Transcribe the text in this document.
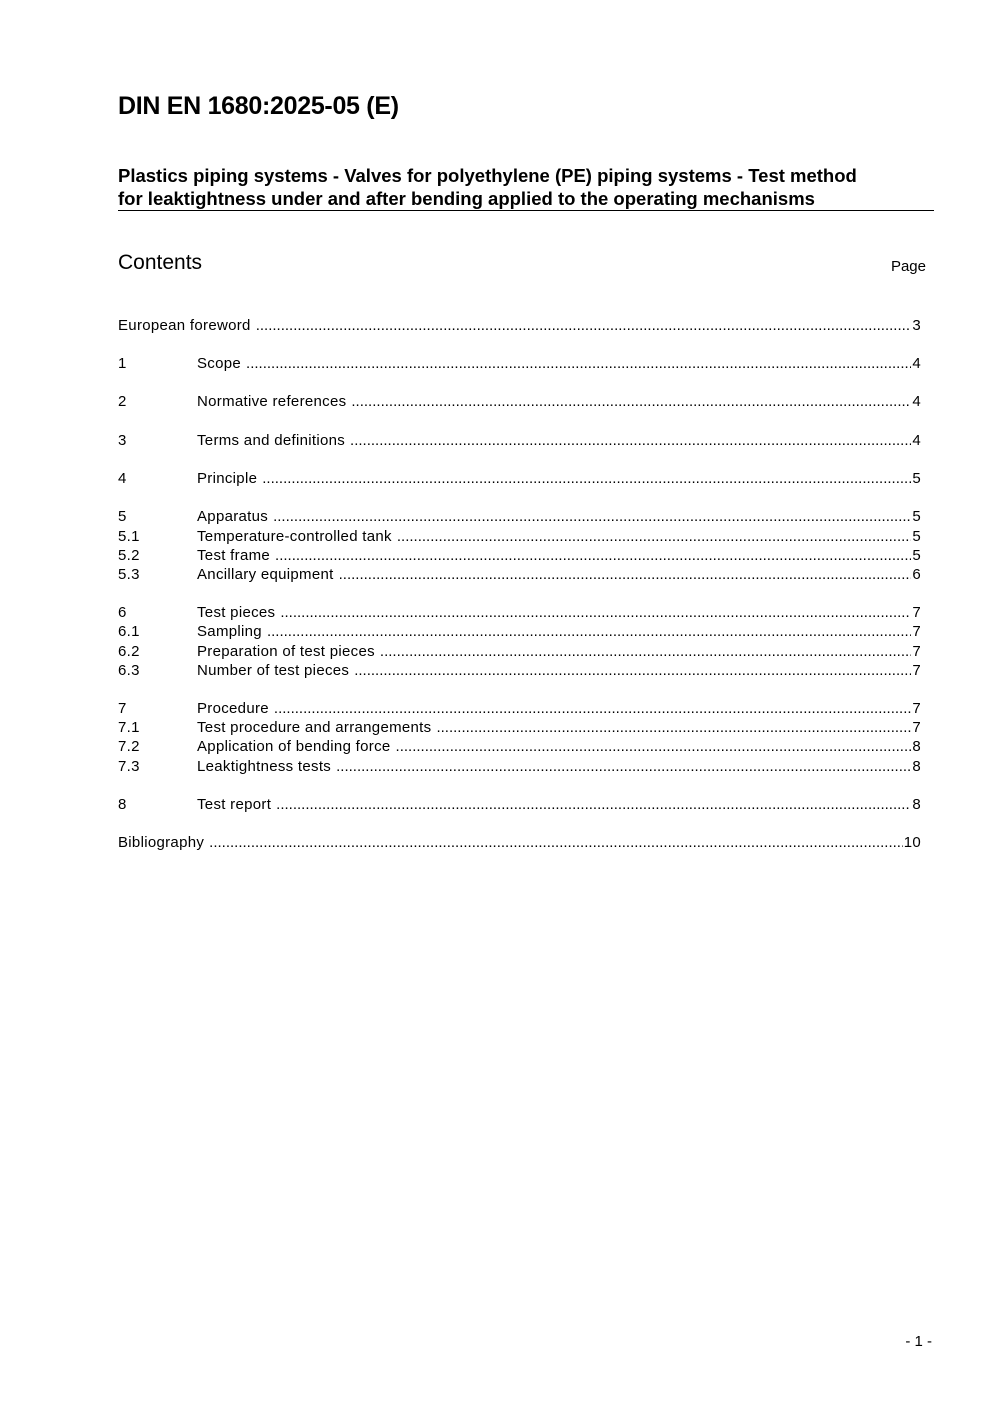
DIN EN 1680:2025-05 (E)
Plastics piping systems - Valves for polyethylene (PE) piping systems - Test method
for leaktightness under and after bending applied to the operating mechanisms
Contents	Page
European foreword .....	3
1	Scope .....	4
2	Normative references .....	4
3	Terms and definitions .....	4
4	Principle .....	5
5	Apparatus .....	5
5.1	Temperature-controlled tank .....	5
5.2	Test frame .....	5
5.3	Ancillary equipment .....	6
6	Test pieces .....	7
6.1	Sampling .....	7
6.2	Preparation of test pieces .....	7
6.3	Number of test pieces .....	7
7	Procedure .....	7
7.1	Test procedure and arrangements .....	7
7.2	Application of bending force .....	8
7.3	Leaktightness tests .....	8
8	Test report .....	8
Bibliography .....	10
- 1 -
